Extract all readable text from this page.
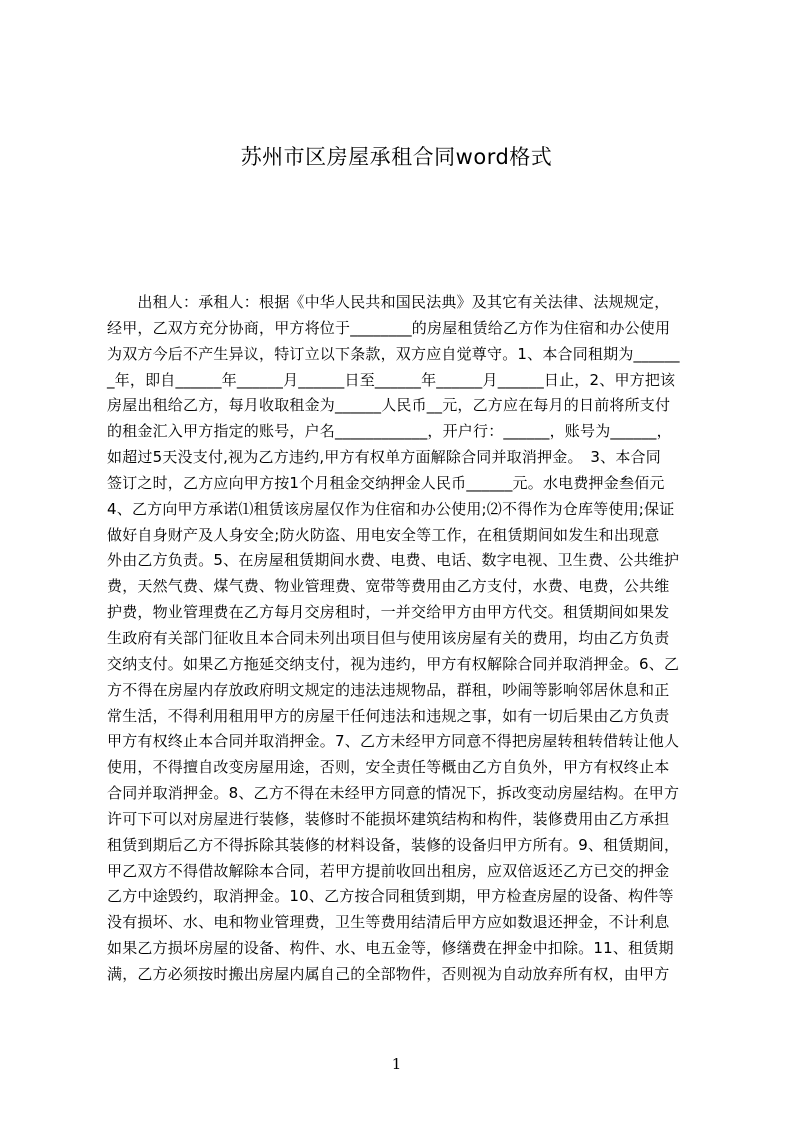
苏州市区房屋承租合同word格式
　　出租人：承租人：根据《中华人民共和国民法典》及其它有关法律、法规规定，
经甲，乙双方充分协商，甲方将位于________的房屋租赁给乙方作为住宿和办公使用
为双方今后不产生异议，特订立以下条款，双方应自觉尊守。1、本合同租期为______
_年，即自______年______月______日至______年______月______日止，2、甲方把该
房屋出租给乙方，每月收取租金为______人民币__元，乙方应在每月的日前将所支付
的租金汇入甲方指定的账号，户名____________，开户行：______，账号为______，
如超过5天没支付,视为乙方违约,甲方有权单方面解除合同并取消押金。　3、本合同
签订之时，乙方应向甲方按1个月租金交纳押金人民币______元。水电费押金叁佰元
4、乙方向甲方承诺⑴租赁该房屋仅作为住宿和办公使用;⑵不得作为仓库等使用;保证
做好自身财产及人身安全;防火防盗、用电安全等工作，在租赁期间如发生和出现意
外由乙方负责。5、在房屋租赁期间水费、电费、电话、数字电视、卫生费、公共维护
费，天然气费、煤气费、物业管理费、宽带等费用由乙方支付，水费、电费，公共维
护费，物业管理费在乙方每月交房租时，一并交给甲方由甲方代交。租赁期间如果发
生政府有关部门征收且本合同未列出项目但与使用该房屋有关的费用，均由乙方负责
交纳支付。如果乙方拖延交纳支付，视为违约，甲方有权解除合同并取消押金。6、乙
方不得在房屋内存放政府明文规定的违法违规物品，群租，吵闹等影响邻居休息和正
常生活，不得利用租用甲方的房屋干任何违法和违规之事，如有一切后果由乙方负责
甲方有权终止本合同并取消押金。7、乙方未经甲方同意不得把房屋转租转借转让他人
使用，不得擅自改变房屋用途，否则，安全责任等概由乙方自负外，甲方有权终止本
合同并取消押金。8、乙方不得在未经甲方同意的情况下，拆改变动房屋结构。在甲方
许可下可以对房屋进行装修，装修时不能损坏建筑结构和构件，装修费用由乙方承担
租赁到期后乙方不得拆除其装修的材料设备，装修的设备归甲方所有。9、租赁期间，
甲乙双方不得借故解除本合同，若甲方提前收回出租房，应双倍返还乙方已交的押金
乙方中途毁约，取消押金。10、乙方按合同租赁到期，甲方检查房屋的设备、构件等
没有损坏、水、电和物业管理费，卫生等费用结清后甲方应如数退还押金，不计利息
如果乙方损坏房屋的设备、构件、水、电五金等，修缮费在押金中扣除。11、租赁期
满，乙方必须按时搬出房屋内属自己的全部物件，否则视为自动放弃所有权，由甲方
1
